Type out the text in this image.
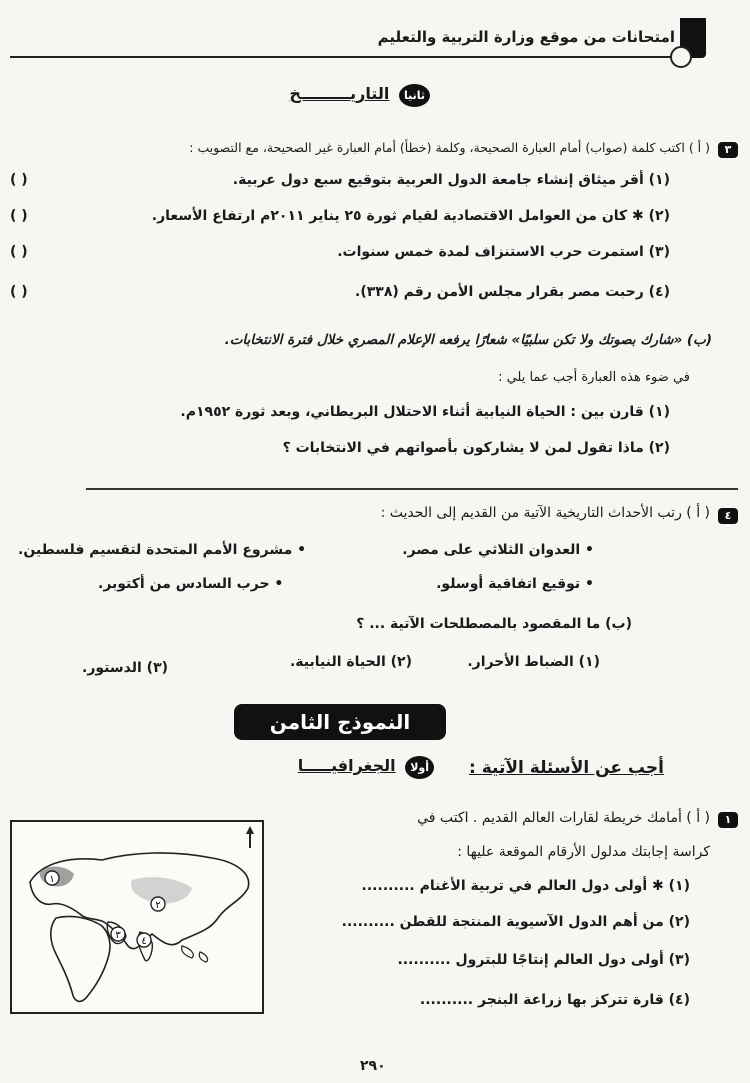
امتحانات من موقع وزارة التربية والتعليم
ثانيا التاريـــــــــخ
٣
( أ ) اكتب كلمة (صواب) أمام العبارة الصحيحة، وكلمة (خطأ) أمام العبارة غير الصحيحة، مع التصويب :
(١) أقر ميثاق إنشاء جامعة الدول العربية بتوقيع سبع دول عربية.
(٢) ✱ كان من العوامل الاقتصادية لقيام ثورة ٢٥ يناير ٢٠١١م ارتفاع الأسعار.
(٣) استمرت حرب الاستنزاف لمدة خمس سنوات.
(٤) رحبت مصر بقرار مجلس الأمن رقم (٣٣٨).
( )
( )
( )
( )
(ب) «شارك بصوتك ولا تكن سلبيًا» شعارًا يرفعه الإعلام المصري خلال فترة الانتخابات.
في ضوء هذه العبارة أجب عما يلي :
(١) قارن بين : الحياة النيابية أثناء الاحتلال البريطاني، وبعد ثورة ١٩٥٢م.
(٢) ماذا تقول لمن لا يشاركون بأصواتهم في الانتخابات ؟
٤
( أ ) رتب الأحداث التاريخية الآتية من القديم إلى الحديث :
• العدوان الثلاثي على مصر.
• مشروع الأمم المتحدة لتقسيم فلسطين.
• توقيع اتفاقية أوسلو.
• حرب السادس من أكتوبر.
(ب) ما المقصود بالمصطلحات الآتية ... ؟
(١) الضباط الأحرار.
(٢) الحياة النيابية.
(٣) الدستور.
النموذج الثامن
أجب عن الأسئلة الآتية :
أولا الجغرافيـــــا
١
( أ ) أمامك خريطة لقارات العالم القديم . اكتب في
كراسة إجابتك مدلول الأرقام الموقعة عليها :
(١) ✱ أولى دول العالم في تربية الأغنام ..........
(٢) من أهم الدول الآسيوية المنتجة للقطن ..........
(٣) أولى دول العالم إنتاجًا للبترول ..........
(٤) قارة تتركز بها زراعة البنجر ..........
١
٢
٣
٤
٢٩٠
